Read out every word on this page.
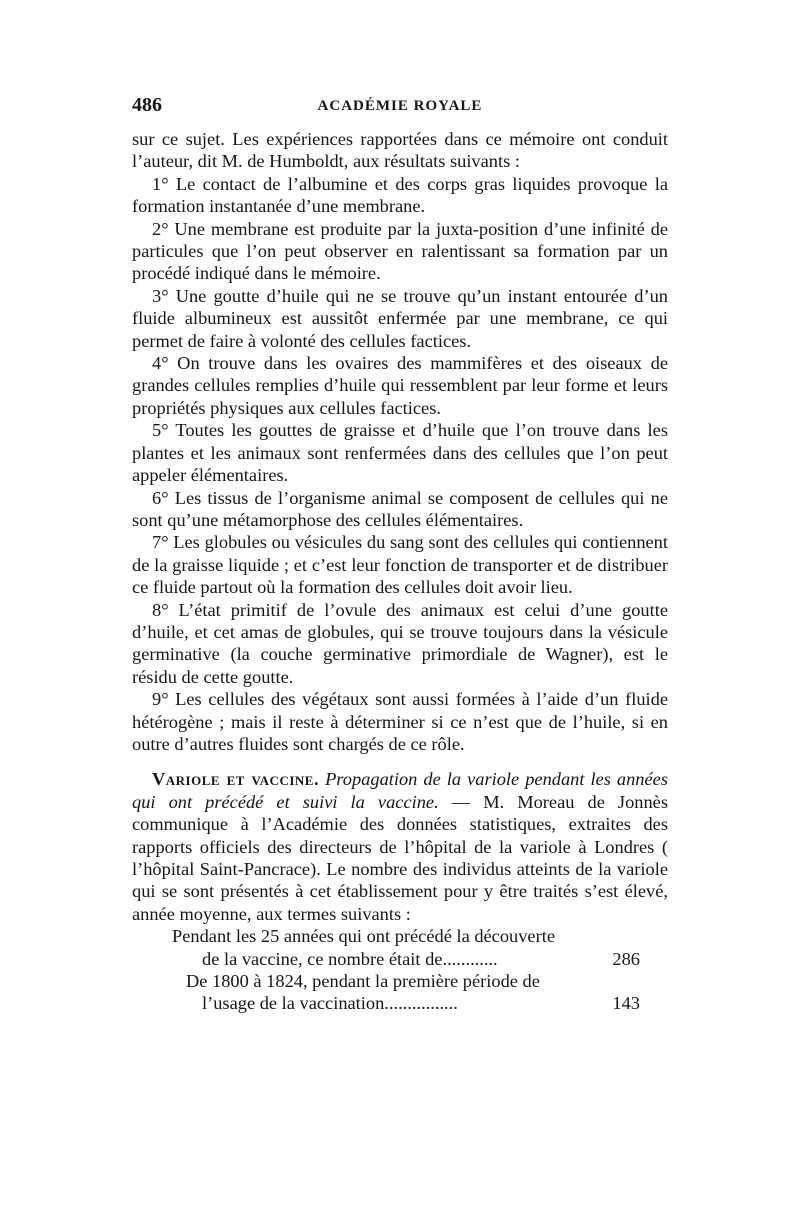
486	ACADÉMIE ROYALE

sur ce sujet. Les expériences rapportées dans ce mémoire ont conduit l’auteur, dit M. de Humboldt, aux résultats suivants :

1° Le contact de l’albumine et des corps gras liquides provoque la formation instantanée d’une membrane.

2° Une membrane est produite par la juxta-position d’une infinité de particules que l’on peut observer en ralentissant sa formation par un procédé indiqué dans le mémoire.

3° Une goutte d’huile qui ne se trouve qu’un instant entourée d’un fluide albumineux est aussitôt enfermée par une membrane, ce qui permet de faire à volonté des cellules factices.

4° On trouve dans les ovaires des mammifères et des oiseaux de grandes cellules remplies d’huile qui ressemblent par leur forme et leurs propriétés physiques aux cellules factices.

5° Toutes les gouttes de graisse et d’huile que l’on trouve dans les plantes et les animaux sont renfermées dans des cellules que l’on peut appeler élémentaires.

6° Les tissus de l’organisme animal se composent de cellules qui ne sont qu’une métamorphose des cellules élémentaires.

7° Les globules ou vésicules du sang sont des cellules qui contiennent de la graisse liquide ; et c’est leur fonction de transporter et de distribuer ce fluide partout où la formation des cellules doit avoir lieu.

8° L’état primitif de l’ovule des animaux est celui d’une goutte d’huile, et cet amas de globules, qui se trouve toujours dans la vésicule germinative (la couche germinative primordiale de Wagner), est le résidu de cette goutte.

9° Les cellules des végétaux sont aussi formées à l’aide d’un fluide hétérogène ; mais il reste à déterminer si ce n’est que de l’huile, si en outre d’autres fluides sont chargés de ce rôle.

Variole et vaccine. Propagation de la variole pendant les années qui ont précédé et suivi la vaccine. — M. Moreau de Jonnès communique à l’Académie des données statistiques, extraites des rapports officiels des directeurs de l’hôpital de la variole à Londres ( l’hôpital Saint-Pancrace). Le nombre des individus atteints de la variole qui se sont présentés à cet établissement pour y être traités s’est élevé, année moyenne, aux termes suivants :

Pendant les 25 années qui ont précédé la découverte
de la vaccine, ce nombre était de............	286
De 1800 à 1824, pendant la première période de
l’usage de la vaccination................	143
